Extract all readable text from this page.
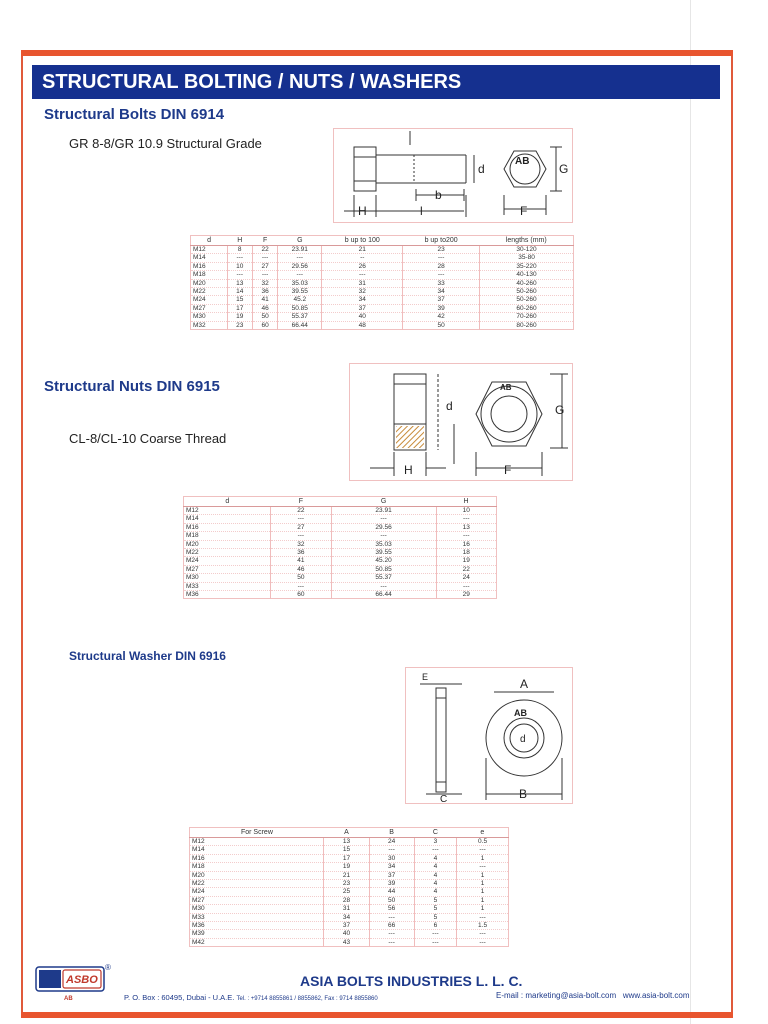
STRUCTURAL BOLTING / NUTS / WASHERS
Structural Bolts DIN 6914
GR 8-8/GR 10.9 Structural Grade
d
b
H	l
AB
G
F
d	H	F	G	b up to 100	b up to200	lengths (mm)
M12	8	22	23.91	21	23	30-120
M14	---	---	---	--	---	35-80
M16	10	27	29.56	26	28	35-220
M18	---	---	---	---	---	40-130
M20	13	32	35.03	31	33	40-260
M22	14	36	39.55	32	34	50-260
M24	15	41	45.2	34	37	50-260
M27	17	46	50.85	37	39	60-260
M30	19	50	55.37	40	42	70-260
M32	23	60	66.44	48	50	80-260
Structural Nuts DIN 6915
CL-8/CL-10 Coarse Thread
d
H
AB
G
F
d	F	G	H
M12	22	23.91	10
M14	---	---	---
M16	27	29.56	13
M18	---	---	---
M20	32	35.03	16
M22	36	39.55	18
M24	41	45.20	19
M27	46	50.85	22
M30	50	55.37	24
M33	---	---	---
M36	60	66.44	29
Structural Washer DIN 6916
E
C
A
AB
d
B
For Screw	A	B	C	e
M12	13	24	3	0.5
M14	15	---	---	---
M16	17	30	4	1
M18	19	34	4	---
M20	21	37	4	1
M22	23	39	4	1
M24	25	44	4	1
M27	28	50	5	1
M30	31	56	5	1
M33	34	---	5	---
M36	37	66	6	1.5
M39	40	---	---	---
M42	43	---	---	---
ASBO
®
AB
ASIA BOLTS INDUSTRIES L. L. C.
P. O. Box : 60495, Dubai - U.A.E. Tel. : +9714 8855861 / 8855862, Fax : 9714 8855860	E-mail : marketing@asia-bolt.com www.asia-bolt.com
